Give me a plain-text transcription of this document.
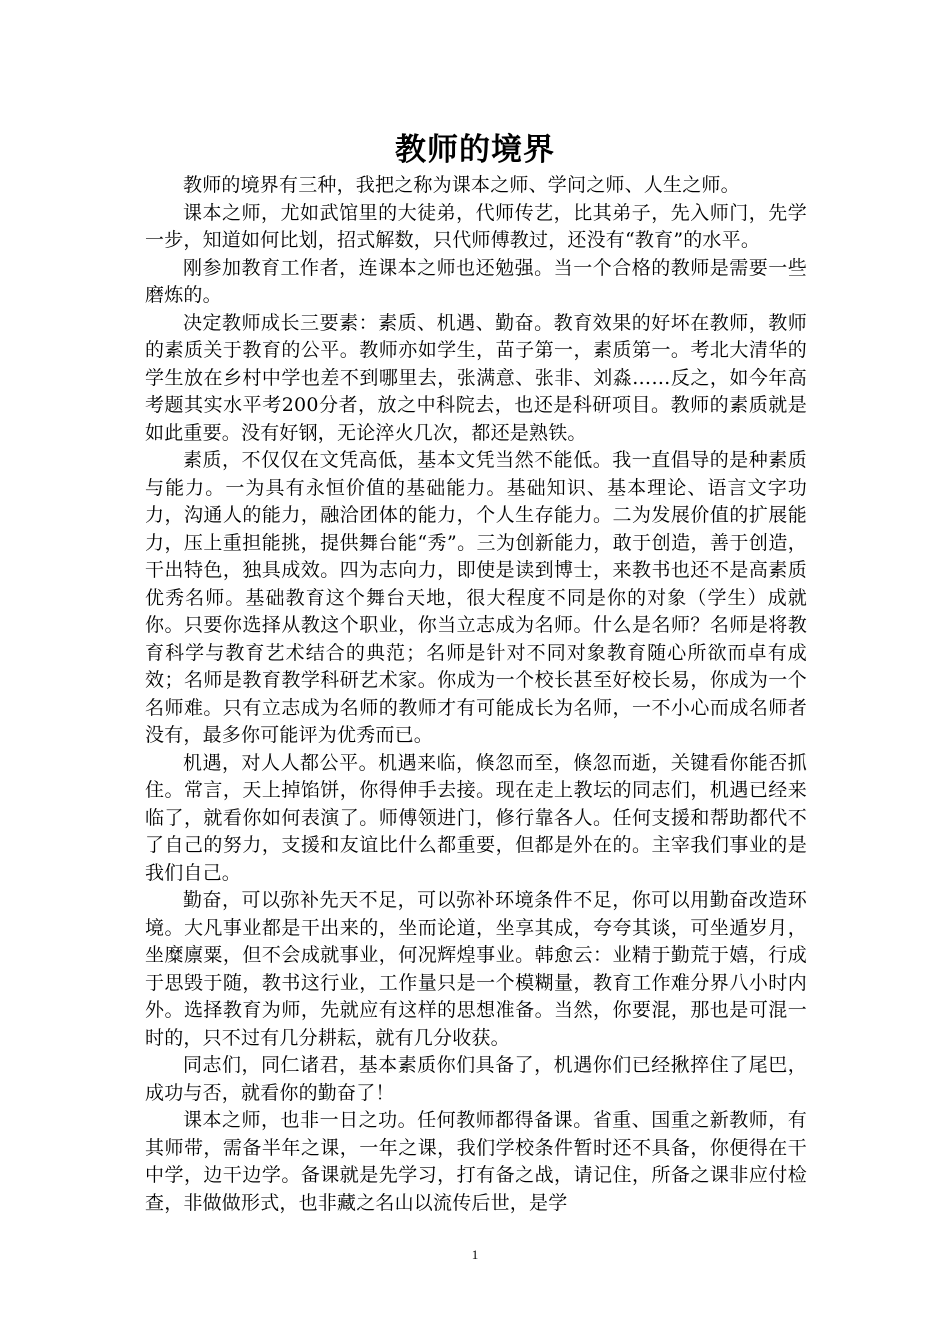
教师的境界

教师的境界有三种，我把之称为课本之师、学问之师、人生之师。

课本之师，尤如武馆里的大徒弟，代师传艺，比其弟子，先入师门，先学一步，知道如何比划，招式解数，只代师傅教过，还没有“教育”的水平。

刚参加教育工作者，连课本之师也还勉强。当一个合格的教师是需要一些磨炼的。

决定教师成长三要素：素质、机遇、勤奋。教育效果的好坏在教师，教师的素质关于教育的公平。教师亦如学生，苗子第一，素质第一。考北大清华的学生放在乡村中学也差不到哪里去，张满意、张非、刘淼……反之，如今年高考题其实水平考200分者，放之中科院去，也还是科研项目。教师的素质就是如此重要。没有好钢，无论淬火几次，都还是熟铁。

素质，不仅仅在文凭高低，基本文凭当然不能低。我一直倡导的是种素质与能力。一为具有永恒价值的基础能力。基础知识、基本理论、语言文字功力，沟通人的能力，融洽团体的能力，个人生存能力。二为发展价值的扩展能力，压上重担能挑，提供舞台能“秀”。三为创新能力，敢于创造，善于创造，干出特色，独具成效。四为志向力，即使是读到博士，来教书也还不是高素质优秀名师。基础教育这个舞台天地，很大程度不同是你的对象（学生）成就你。只要你选择从教这个职业，你当立志成为名师。什么是名师？名师是将教育科学与教育艺术结合的典范；名师是针对不同对象教育随心所欲而卓有成效；名师是教育教学科研艺术家。你成为一个校长甚至好校长易，你成为一个名师难。只有立志成为名师的教师才有可能成长为名师，一不小心而成名师者没有，最多你可能评为优秀而已。

机遇，对人人都公平。机遇来临，倏忽而至，倏忽而逝，关键看你能否抓住。常言，天上掉馅饼，你得伸手去接。现在走上教坛的同志们，机遇已经来临了，就看你如何表演了。师傅领进门，修行靠各人。任何支援和帮助都代不了自己的努力，支援和友谊比什么都重要，但都是外在的。主宰我们事业的是我们自己。

勤奋，可以弥补先天不足，可以弥补环境条件不足，你可以用勤奋改造环境。大凡事业都是干出来的，坐而论道，坐享其成，夸夸其谈，可坐遁岁月，坐糜廪粟，但不会成就事业，何况辉煌事业。韩愈云：业精于勤荒于嬉，行成于思毁于随，教书这行业，工作量只是一个模糊量，教育工作难分界八小时内外。选择教育为师，先就应有这样的思想准备。当然，你要混，那也是可混一时的，只不过有几分耕耘，就有几分收获。

同志们，同仁诸君，基本素质你们具备了，机遇你们已经揪捽住了尾巴，成功与否，就看你的勤奋了！

课本之师，也非一日之功。任何教师都得备课。省重、国重之新教师，有其师带，需备半年之课，一年之课，我们学校条件暂时还不具备，你便得在干中学，边干边学。备课就是先学习，打有备之战，请记住，所备之课非应付检查，非做做形式，也非藏之名山以流传后世，是学

1
